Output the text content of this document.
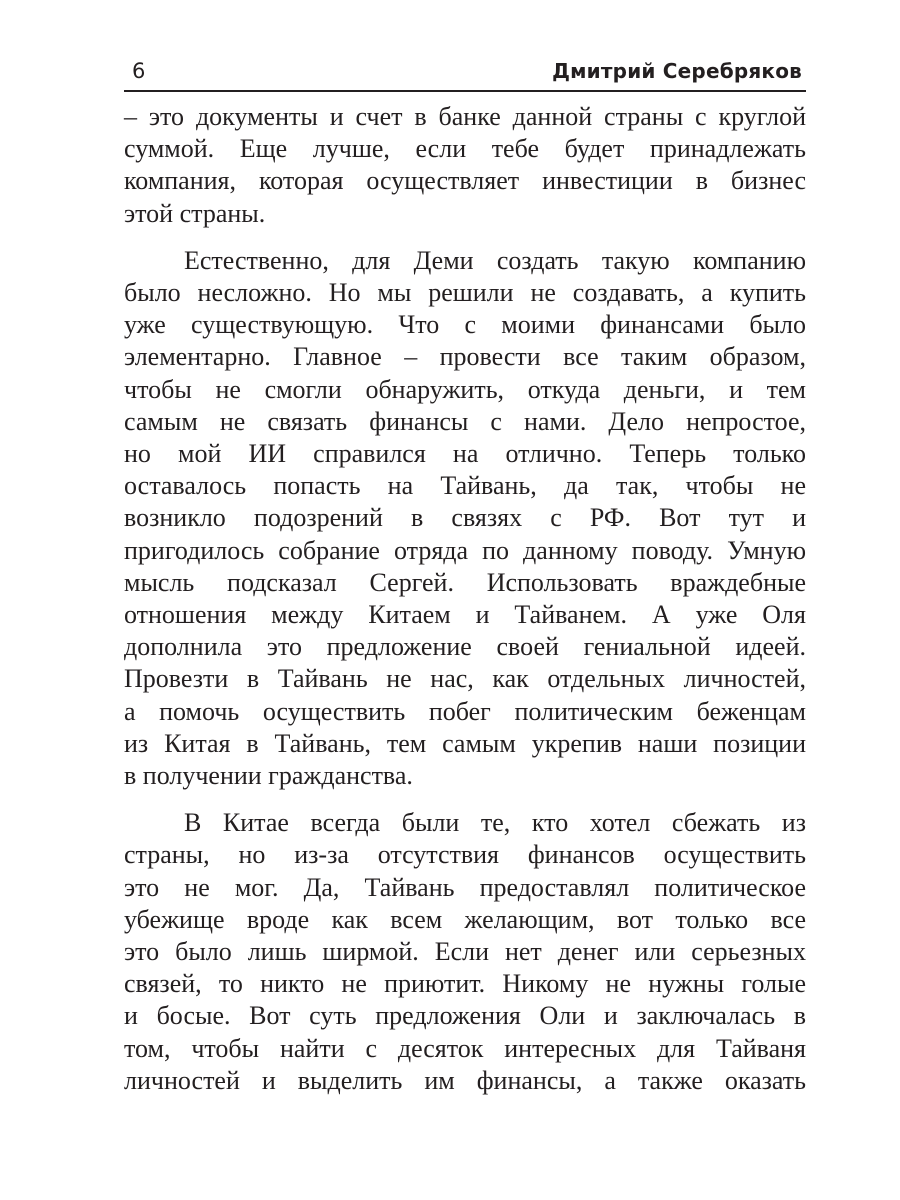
6	Дмитрий Серебряков
– это документы и счет в банке данной страны с круглой
суммой. Еще лучше, если тебе будет принадлежать
компания, которая осуществляет инвестиции в бизнес
этой страны.
Естественно, для Деми создать такую компанию
было несложно. Но мы решили не создавать, а купить
уже существующую. Что с моими финансами было
элементарно. Главное – провести все таким образом,
чтобы не смогли обнаружить, откуда деньги, и тем
самым не связать финансы с нами. Дело непростое,
но мой ИИ справился на отлично. Теперь только
оставалось попасть на Тайвань, да так, чтобы не
возникло подозрений в связях с РФ. Вот тут и
пригодилось собрание отряда по данному поводу. Умную
мысль подсказал Сергей. Использовать враждебные
отношения между Китаем и Тайванем. А уже Оля
дополнила это предложение своей гениальной идеей.
Провезти в Тайвань не нас, как отдельных личностей,
а помочь осуществить побег политическим беженцам
из Китая в Тайвань, тем самым укрепив наши позиции
в получении гражданства.
В Китае всегда были те, кто хотел сбежать из
страны, но из-за отсутствия финансов осуществить
это не мог. Да, Тайвань предоставлял политическое
убежище вроде как всем желающим, вот только все
это было лишь ширмой. Если нет денег или серьезных
связей, то никто не приютит. Никому не нужны голые
и босые. Вот суть предложения Оли и заключалась в
том, чтобы найти с десяток интересных для Тайваня
личностей и выделить им финансы, а также оказать
